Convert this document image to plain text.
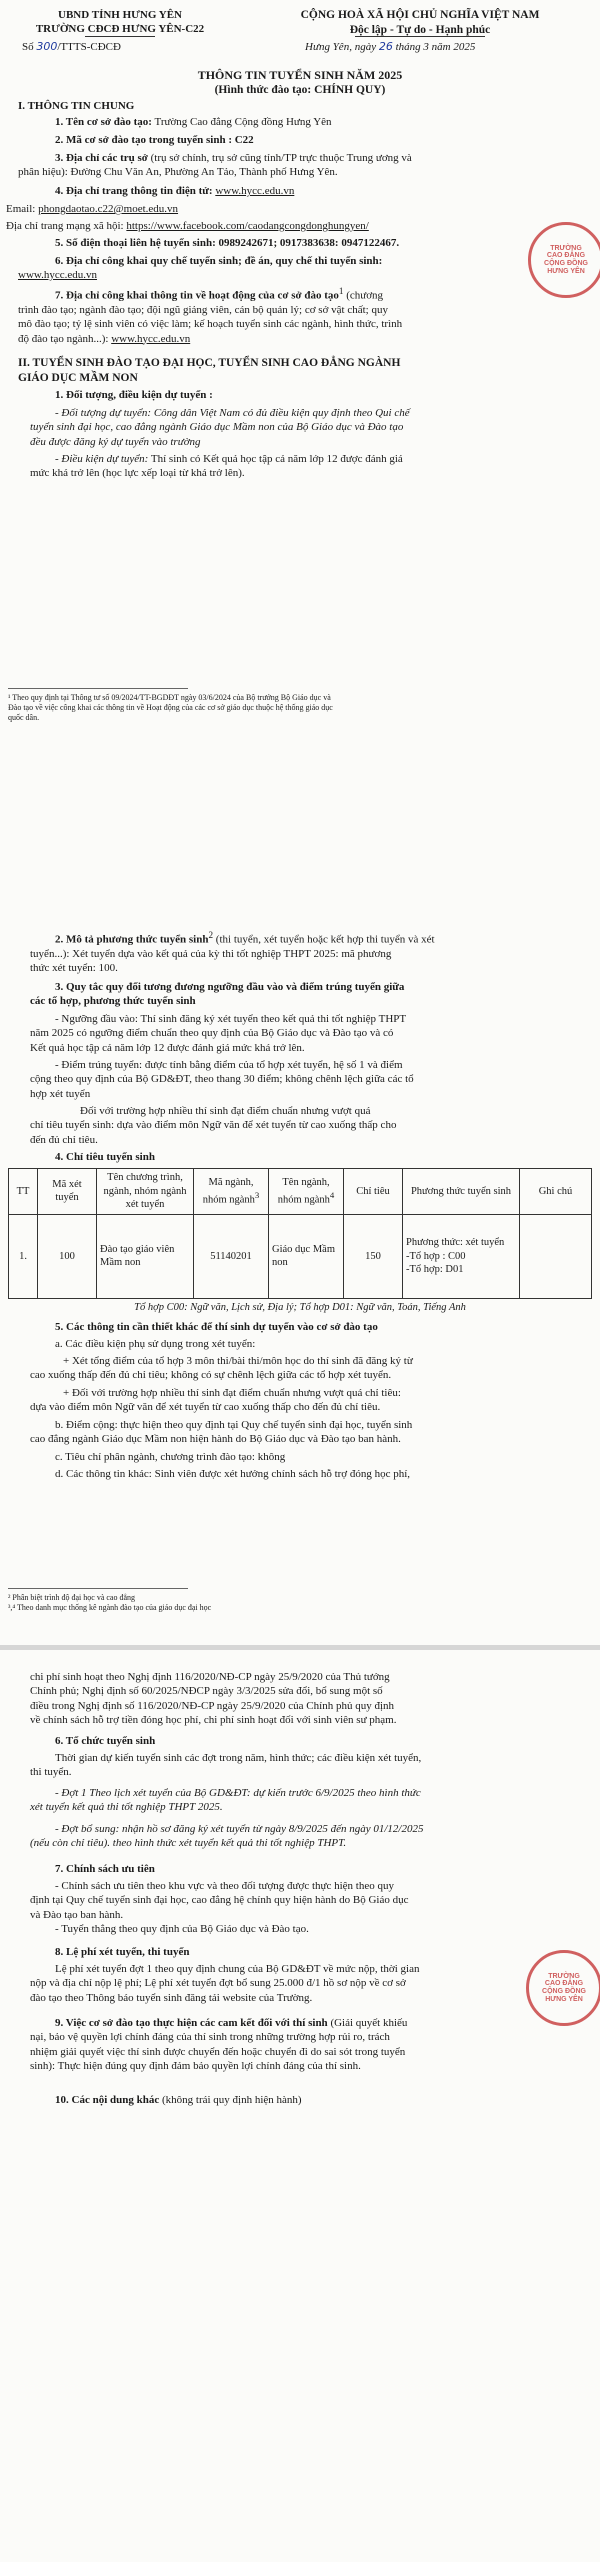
UBND TỈNH HƯNG YÊN
TRƯỜNG CĐCĐ HƯNG YÊN-C22
Số 300/TTTS-CĐCĐ
CỘNG HOÀ XÃ HỘI CHỦ NGHĨA VIỆT NAM
Độc lập - Tự do - Hạnh phúc
Hưng Yên, ngày 26 tháng 3 năm 2025
THÔNG TIN TUYỂN SINH NĂM 2025
(Hình thức đào tạo: CHÍNH QUY)
I. THÔNG TIN CHUNG
1. Tên cơ sở đào tạo: Trường Cao đẳng Cộng đồng Hưng Yên
2. Mã cơ sở đào tạo trong tuyển sinh : C22
3. Địa chỉ các trụ sở (trụ sở chính, trụ sở cũng tỉnh/TP trực thuộc Trung ương và
phân hiệu): Đường Chu Văn An, Phường An Tảo, Thành phố Hưng Yên.
4. Địa chỉ trang thông tin điện tử: www.hycc.edu.vn
Email: phongdaotao.c22@moet.edu.vn
Địa chỉ trang mạng xã hội: https://www.facebook.com/caodangcongdonghungyen/
5. Số điện thoại liên hệ tuyển sinh: 0989242671; 0917383638: 0947122467.
6. Địa chỉ công khai quy chế tuyển sinh; đề án, quy chế thi tuyển sinh:
www.hycc.edu.vn
7. Địa chỉ công khai thông tin về hoạt động của cơ sở đào tạo$^1$ (chương
trình đào tạo; ngành đào tạo; đội ngũ giảng viên, cán bộ quản lý; cơ sở vật chất; quy
mô đào tạo; tỷ lệ sinh viên có việc làm; kế hoạch tuyển sinh các ngành, hình thức, trình
độ đào tạo ngành...): www.hycc.edu.vn
TRƯỜNG
CAO ĐẲNG
CỘNG ĐỒNG
HƯNG YÊN
II. TUYỂN SINH ĐÀO TẠO ĐẠI HỌC, TUYỂN SINH CAO ĐẲNG NGÀNH
GIÁO DỤC MẦM NON
1. Đối tượng, điều kiện dự tuyển :
- Đối tượng dự tuyển: Công dân Việt Nam có đủ điều kiện quy định theo Qui chế
tuyển sinh đại học, cao đẳng ngành Giáo dục Mầm non của Bộ Giáo dục và Đào tạo
đều được đăng ký dự tuyển vào trường
- Điều kiện dự tuyển: Thí sinh có Kết quả học tập cả năm lớp 12 được đánh giá
mức khá trở lên (học lực xếp loại từ khá trở lên).
¹ Theo quy định tại Thông tư số 09/2024/TT-BGDĐT ngày 03/6/2024 của Bộ trưởng Bộ Giáo dục và
Đào tạo về việc công khai các thông tin về Hoạt động của các cơ sở giáo dục thuộc hệ thống giáo dục
quốc dân.
2. Mô tả phương thức tuyển $\sinh^2 (thi$ tuyển, xét tuyển hoặc kết hợp thi tuyển và xét
tuyển...): Xét tuyển dựa vào kết quả của kỳ thi tốt nghiệp THPT 2025: mã phương
thức xét tuyển: 100.
3. Quy tắc quy đổi tương đương ngưỡng đầu vào và điểm trúng tuyển giữa
các tổ hợp, phương thức tuyển sinh
- Ngưỡng đầu vào: Thí sinh đăng ký xét tuyển theo kết quả thi tốt nghiệp THPT
năm 2025 có ngưỡng điểm chuẩn theo quy định của Bộ Giáo dục và Đào tạo và có
Kết quả học tập cả năm lớp 12 được đánh giá mức khá trở lên.
- Điểm trúng tuyển: được tính bằng điểm của tổ hợp xét tuyển, hệ số 1 và điểm
cộng theo quy định của Bộ GD&ĐT, theo thang 30 điểm; không chênh lệch giữa các tổ
hợp xét tuyển
Đối với trường hợp nhiều thí sinh đạt điểm chuẩn nhưng vượt quá
chỉ tiêu tuyển sinh: dựa vào điểm môn Ngữ văn để xét tuyển từ cao xuống thấp cho
đến đủ chỉ tiêu.
4. Chỉ tiêu tuyển sinh
TT	Mã xét tuyển	Tên chương trình, ngành, nhóm ngành xét tuyển	Mã ngành, nhóm ngành$^3$	Tên ngành, nhóm ngành$^4$	Chỉ tiêu	Phương thức tuyển sinh	Ghi chú
1.	100	Đào tạo giáo viên Mầm non	51140201	Giáo dục Mầm non	150	Phương thức: xét tuyển
-Tổ hợp : C00
-Tổ hợp: D01	

Tổ hợp C00: Ngữ văn, Lịch sử, Địa lý; Tổ hợp D01: Ngữ văn, Toán, Tiếng Anh							
5. Các thông tin cần thiết khác để thí sinh dự tuyển vào cơ sở đào tạo
a. Các điều kiện phụ sử dụng trong xét tuyển:
+ Xét tổng điểm của tổ hợp 3 môn thi/bài thi/môn học do thí sinh đã đăng ký từ
cao xuống thấp đến đủ chỉ tiêu; không có sự chênh lệch giữa các tổ hợp xét tuyển.
+ Đối với trường hợp nhiều thí sinh đạt điểm chuẩn nhưng vượt quá chỉ tiêu:
dựa vào điểm môn Ngữ văn để xét tuyển từ cao xuống thấp cho đến đủ chỉ tiêu.
b. Điểm cộng: thực hiện theo quy định tại Quy chế tuyển sinh đại học, tuyển sinh
cao đẳng ngành Giáo dục Mầm non hiện hành do Bộ Giáo dục và Đào tạo ban hành.
c. Tiêu chí phân ngành, chương trình đào tạo: không
d. Các thông tin khác: Sinh viên được xét hưởng chính sách hỗ trợ đóng học phí,
² Phân biệt trình độ đại học và cao đẳng
³,⁴ Theo danh mục thống kê ngành đào tạo của giáo dục đại học
chi phí sinh hoạt theo Nghị định 116/2020/NĐ-CP ngày 25/9/2020 của Thủ tướng
Chính phủ; Nghị định số 60/2025/NĐCP ngày 3/3/2025 sửa đổi, bổ sung một số
điều trong Nghị định số 116/2020/NĐ-CP ngày 25/9/2020 của Chính phủ quy định
về chính sách hỗ trợ tiền đóng học phí, chi phí sinh hoạt đối với sinh viên sư phạm.
6. Tổ chức tuyển sinh
Thời gian dự kiến tuyển sinh các đợt trong năm, hình thức; các điều kiện xét tuyển,
thi tuyển.
- Đợt 1 Theo lịch xét tuyển của Bộ GD&ĐT: dự kiến trước 6/9/2025 theo hình thức
xét tuyển kết quả thi tốt nghiệp THPT 2025.
- Đợt bổ sung: nhận hồ sơ đăng ký xét tuyển từ ngày 8/9/2025 đến ngày 01/12/2025
(nếu còn chỉ tiêu). theo hình thức xét tuyển kết quả thi tốt nghiệp THPT.
7. Chính sách ưu tiên
- Chính sách ưu tiên theo khu vực và theo đối tượng được thực hiện theo quy
định tại Quy chế tuyển sinh đại học, cao đẳng hệ chính quy hiện hành do Bộ Giáo dục
và Đào tạo ban hành.
- Tuyển thẳng theo quy định của Bộ Giáo dục và Đào tạo.
8. Lệ phí xét tuyển, thi tuyển
Lệ phí xét tuyển đợt 1 theo quy định chung của Bộ GD&ĐT về mức nộp, thời gian
nộp và địa chỉ nộp lệ phí; Lệ phí xét tuyển đợt bổ sung 25.000 đ/1 hồ sơ nộp về cơ sở
đào tạo theo Thông báo tuyển sinh đăng tải website của Trường.
9. Việc cơ sở đào tạo thực hiện các cam kết đối với thí sinh (Giải quyết khiếu
nại, bảo vệ quyền lợi chính đáng của thí sinh trong những trường hợp rủi ro, trách
nhiệm giải quyết việc thí sinh được chuyển đến hoặc chuyển đi do sai sót trong tuyển
sinh): Thực hiện đúng quy định đảm bảo quyền lợi chính đáng của thí sinh.
10. Các nội dung khác (không trái quy định hiện hành)
TRƯỜNG
CAO ĐẲNG
CỘNG ĐỒNG
HƯNG YÊN
